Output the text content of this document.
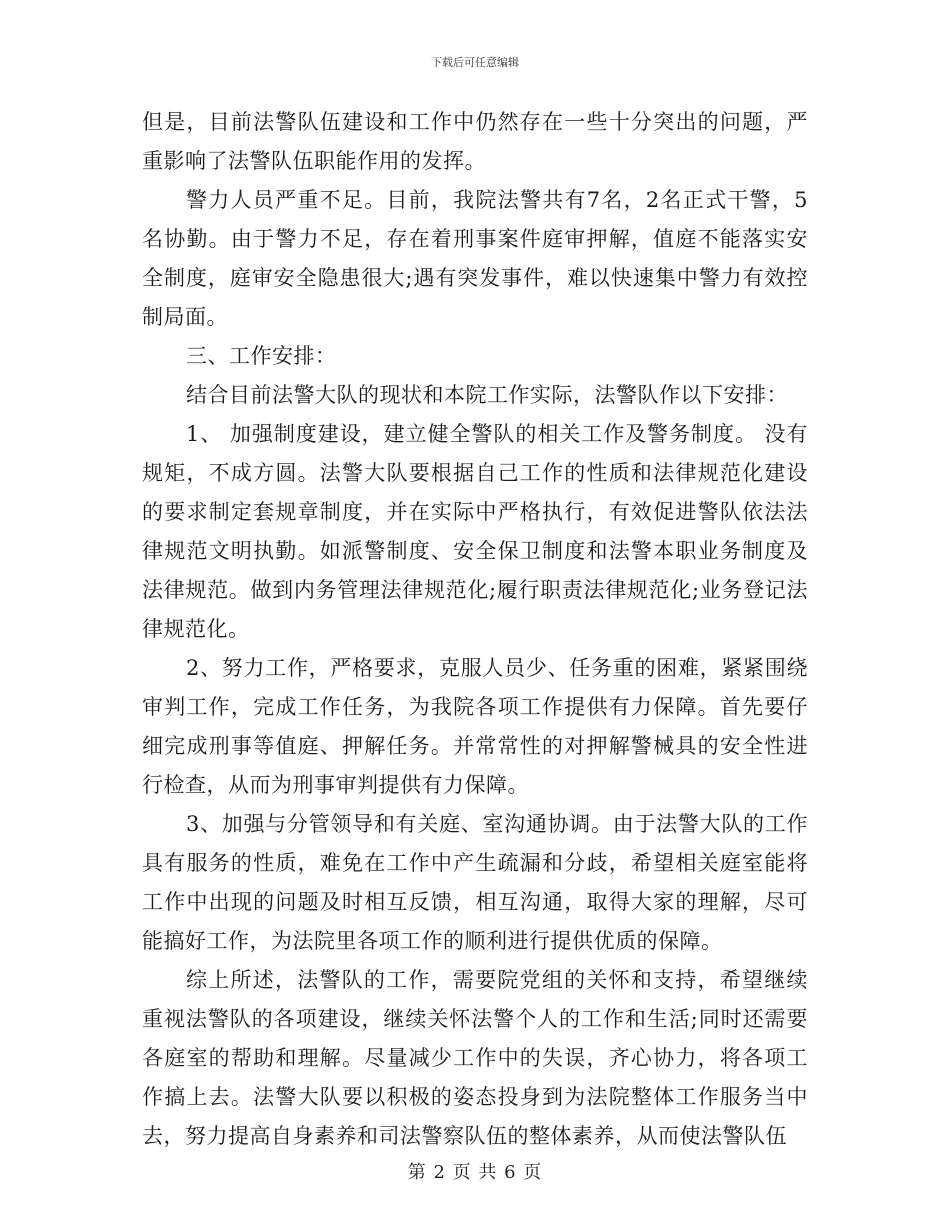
下载后可任意编辑

但是，目前法警队伍建设和工作中仍然存在一些十分突出的问题，严重影响了法警队伍职能作用的发挥。

警力人员严重不足。目前，我院法警共有7名，2名正式干警，5名协勤。由于警力不足，存在着刑事案件庭审押解，值庭不能落实安全制度，庭审安全隐患很大;遇有突发事件，难以快速集中警力有效控制局面。

三、工作安排：

结合目前法警大队的现状和本院工作实际，法警队作以下安排：

1、 加强制度建设，建立健全警队的相关工作及警务制度。 没有规矩，不成方圆。法警大队要根据自己工作的性质和法律规范化建设的要求制定套规章制度，并在实际中严格执行，有效促进警队依法法律规范文明执勤。如派警制度、安全保卫制度和法警本职业务制度及法律规范。做到内务管理法律规范化;履行职责法律规范化;业务登记法律规范化。

2、努力工作，严格要求，克服人员少、任务重的困难，紧紧围绕审判工作，完成工作任务，为我院各项工作提供有力保障。首先要仔细完成刑事等值庭、押解任务。并常常性的对押解警械具的安全性进行检查，从而为刑事审判提供有力保障。

3、加强与分管领导和有关庭、室沟通协调。由于法警大队的工作具有服务的性质，难免在工作中产生疏漏和分歧，希望相关庭室能将工作中出现的问题及时相互反馈，相互沟通，取得大家的理解，尽可能搞好工作，为法院里各项工作的顺利进行提供优质的保障。

综上所述，法警队的工作，需要院党组的关怀和支持，希望继续重视法警队的各项建设，继续关怀法警个人的工作和生活;同时还需要各庭室的帮助和理解。尽量减少工作中的失误，齐心协力，将各项工作搞上去。法警大队要以积极的姿态投身到为法院整体工作服务当中去，努力提高自身素养和司法警察队伍的整体素养，从而使法警队伍

第 2 页 共 6 页
